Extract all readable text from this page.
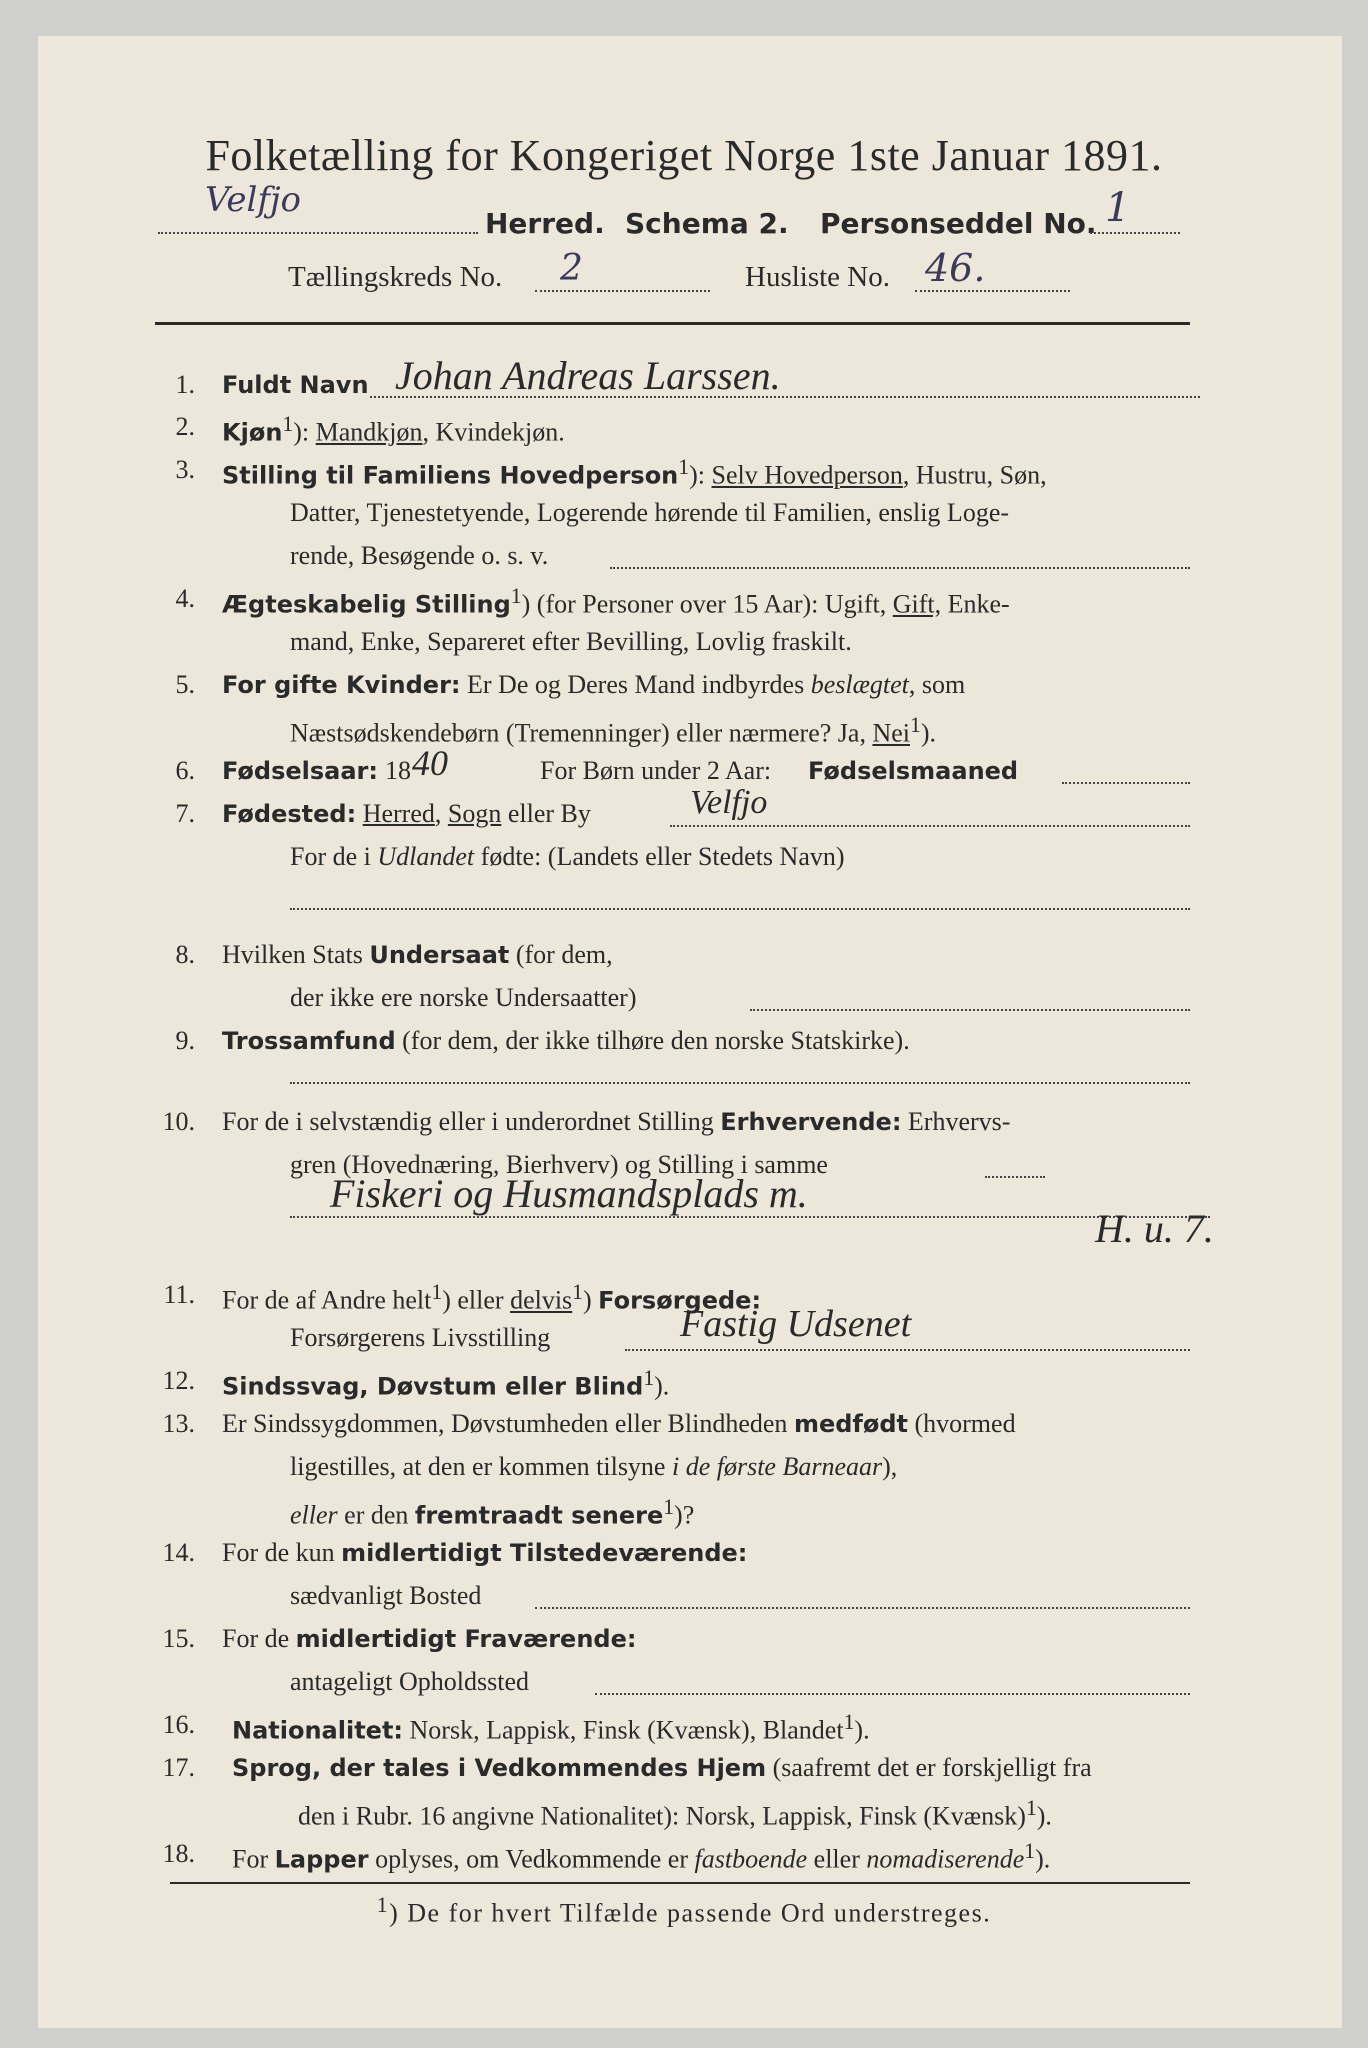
Folketælling for Kongeriget Norge 1ste Januar 1891.
Velfjo
Herred. Schema 2. Personseddel No. 1
Tællingskreds No. 2	Husliste No. 46.
1. Fuldt Navn Johan Andreas Larssen.
2. Kjøn$^1$): Mandkjøn, Kvindekjøn.
3. Stilling til Familiens Hovedperson$^1$): Selv Hovedperson, Hustru, Søn,
Datter, Tjenestetyende, Logerende hørende til Familien, enslig Loge-
rende, Besøgende o. s. v.
4. Ægteskabelig Stilling$^1$) (for Personer over 15 Aar): Ugift, Gift, Enke-
mand, Enke, Separeret efter Bevilling, Lovlig fraskilt.
5. For gifte Kvinder: Er De og Deres Mand indbyrdes beslægtet, som
Næstsødskendebørn (Tremenninger) eller nærmere? Ja, Nei$^1$).
6. Fødselsaar: 18 40	For Børn under 2 Aar: Fødselsmaaned
7. Fødested: Herred, Sogn eller By	Velfjo
For de i Udlandet fødte: (Landets eller Stedets Navn)
8. Hvilken Stats Undersaat (for dem,
der ikke ere norske Undersaatter)
9. Trossamfund (for dem, der ikke tilhøre den norske Statskirke).
10. For de i selvstændig eller i underordnet Stilling Erhvervende: Erhvervs-
gren (Hovednæring, Bierhverv) og Stilling i samme
Fiskeri og Husmandsplads m.
H. u. 7.
11. For de af Andre helt$^1$) eller delvis$^1$) Forsørgede:
Forsørgerens Livsstilling	Fastig Udsenet
12. Sindssvag, Døvstum eller Blind$^1$).
13. Er Sindssygdommen, Døvstumheden eller Blindheden medfødt (hvormed
ligestilles, at den er kommen tilsyne i de første Barneaar),
eller er den fremtraadt senere$^1$)?
14. For de kun midlertidigt Tilstedeværende:
sædvanligt Bosted
15. For de midlertidigt Fraværende:
antageligt Opholdssted
16. Nationalitet: Norsk, Lappisk, Finsk (Kvænsk), Blandet$^1$).
17. Sprog, der tales i Vedkommendes Hjem (saafremt det er forskjelligt fra
den i Rubr. 16 angivne Nationalitet): Norsk, Lappisk, Finsk (Kvænsk)$^1$).
18. For Lapper oplyses, om Vedkommende er fastboende eller nomadiserende$^1$).
$^1$) De for hvert Tilfælde passende Ord understreges.
